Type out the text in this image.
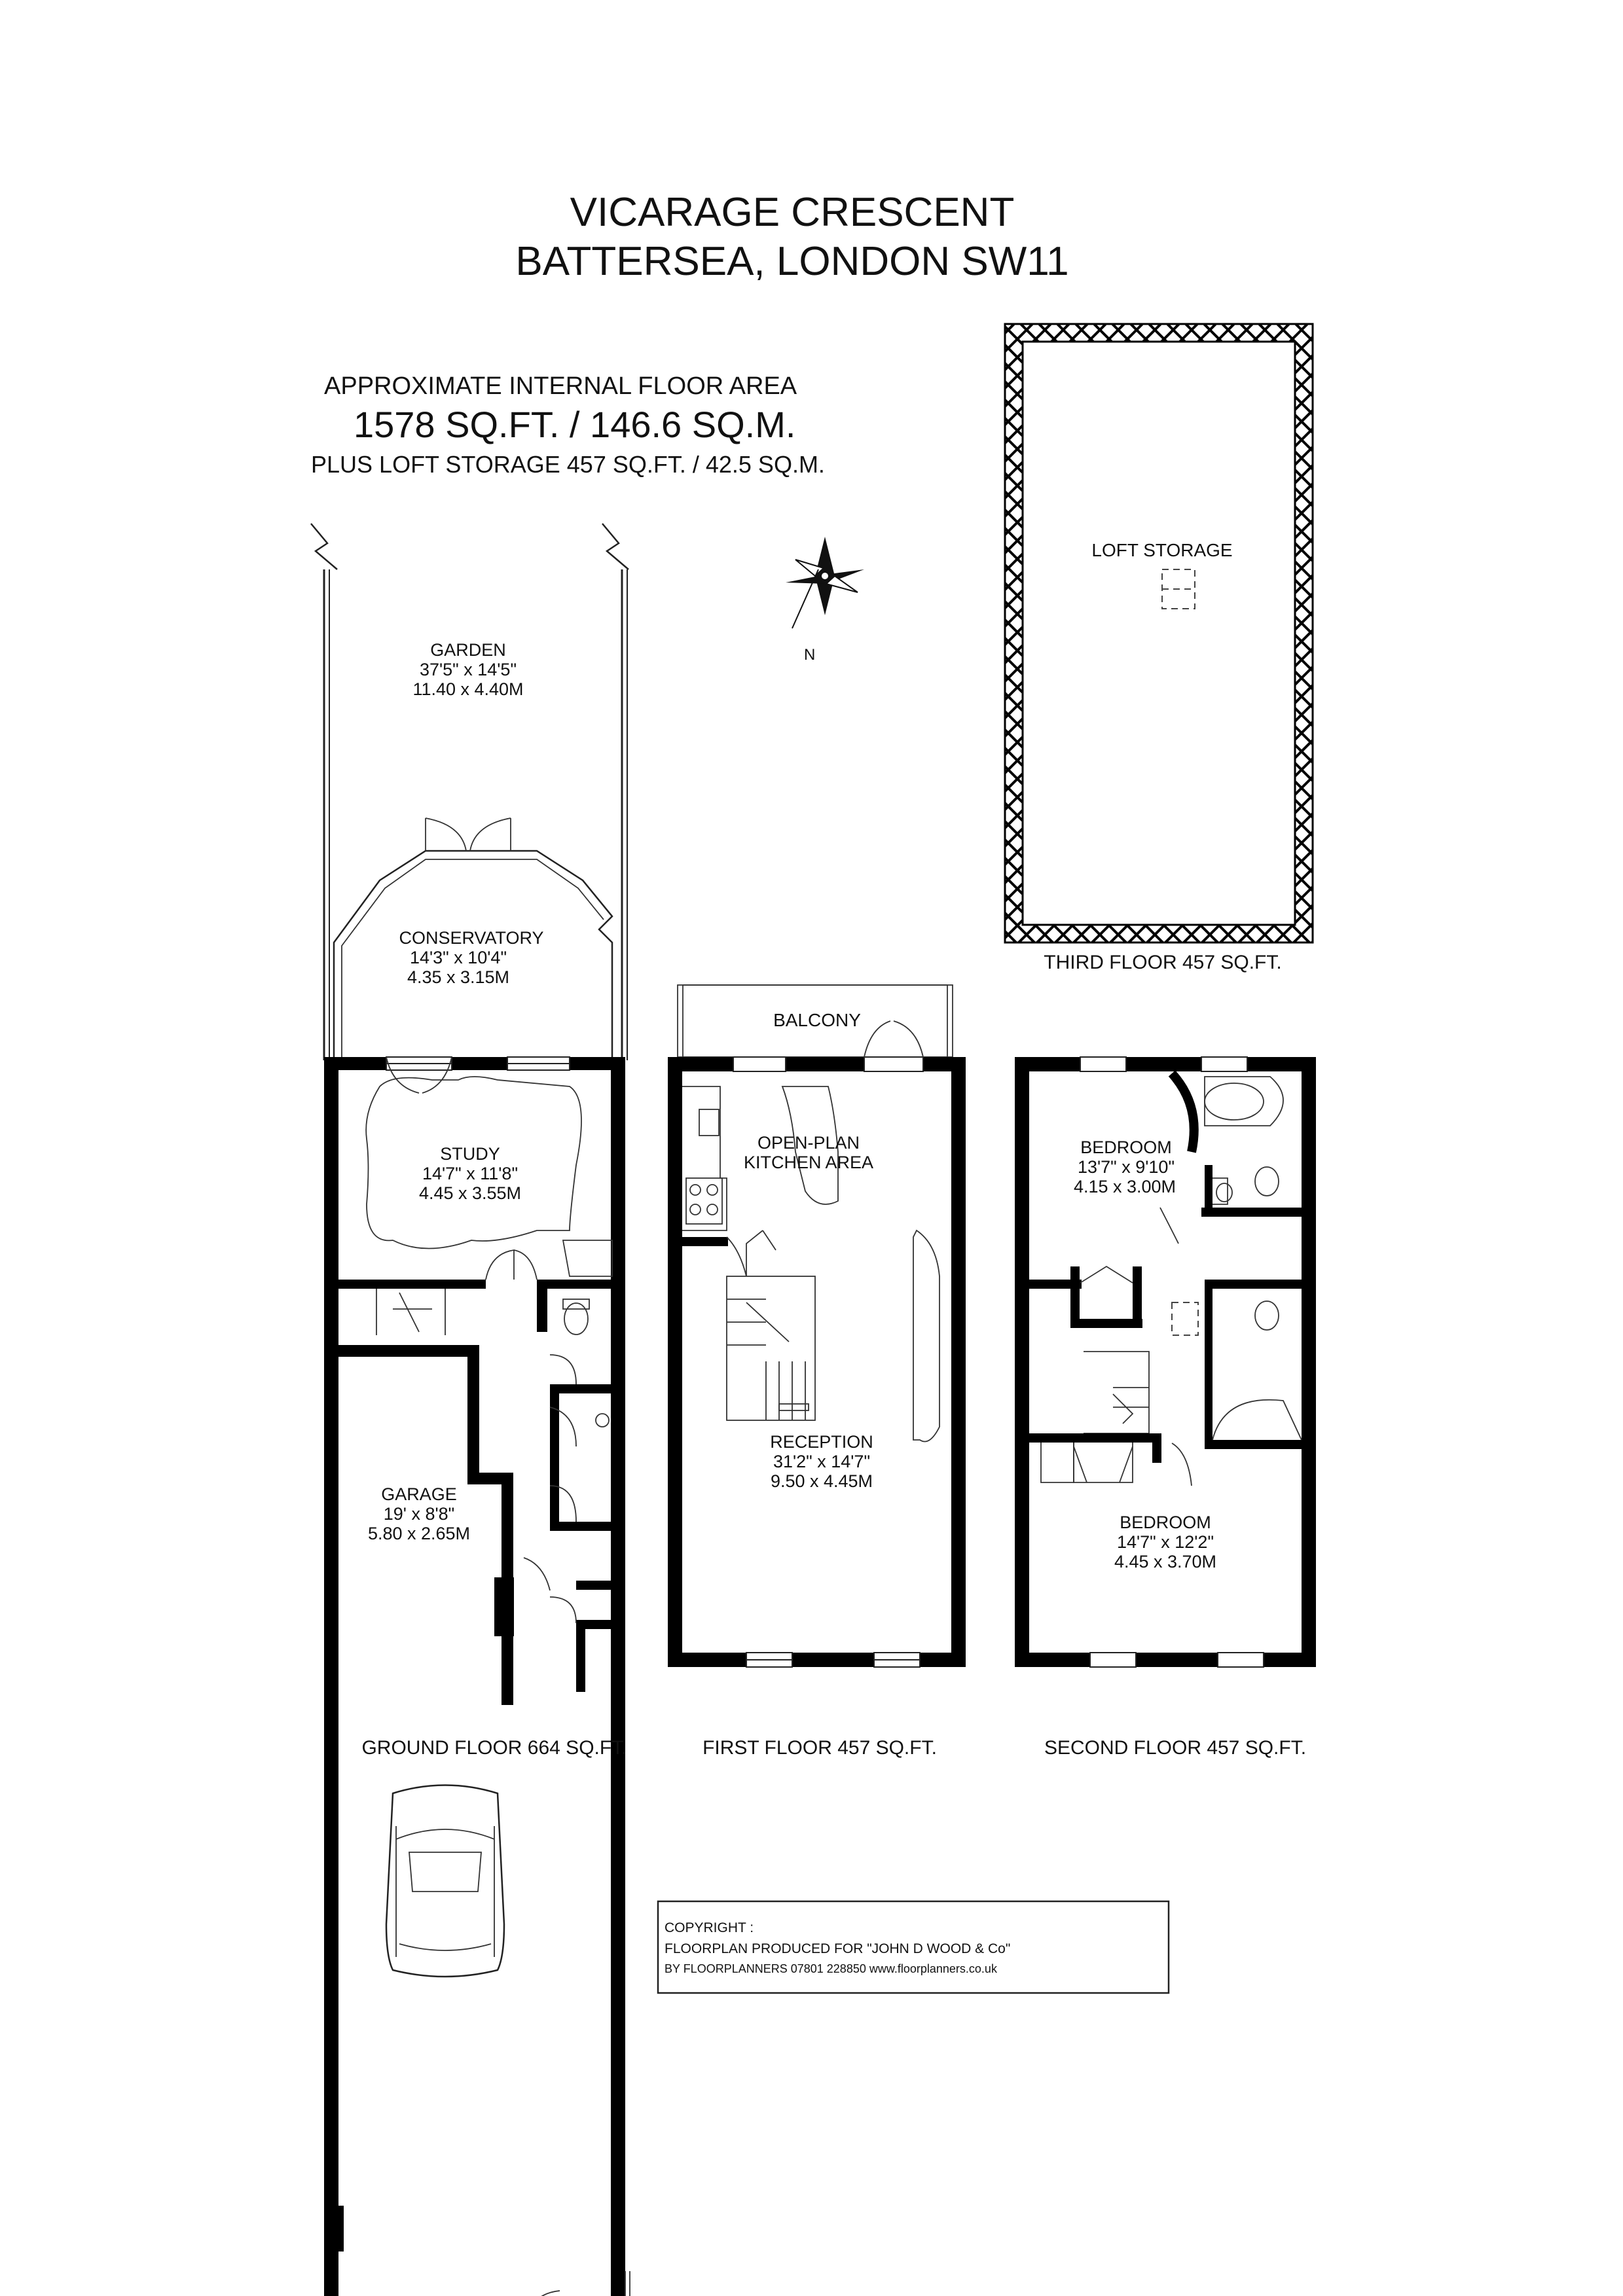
VICARAGE CRESCENT
BATTERSEA, LONDON SW11
APPROXIMATE INTERNAL FLOOR AREA
1578 SQ.FT. / 146.6 SQ.M.
PLUS LOFT STORAGE 457 SQ.FT. / 42.5 SQ.M.
N
GARDEN
37'5" x 14'5"
11.40 x 4.40M
CONSERVATORY
14'3" x 10'4"
4.35 x 3.15M
STUDY
14'7" x 11'8"
4.45 x 3.55M
GARAGE
19' x 8'8"
5.80 x 2.65M
GROUND FLOOR 664 SQ.FT.
BALCONY
OPEN-PLAN
KITCHEN AREA
RECEPTION
31'2" x 14'7"
9.50 x 4.45M
FIRST FLOOR 457 SQ.FT.
BEDROOM
13'7" x 9'10"
4.15 x 3.00M
BEDROOM
14'7" x 12'2"
4.45 x 3.70M
SECOND FLOOR 457 SQ.FT.
LOFT STORAGE
THIRD FLOOR 457 SQ.FT.
COPYRIGHT :
FLOORPLAN PRODUCED FOR "JOHN D WOOD & Co"
BY FLOORPLANNERS 07801 228850 www.floorplanners.co.uk
